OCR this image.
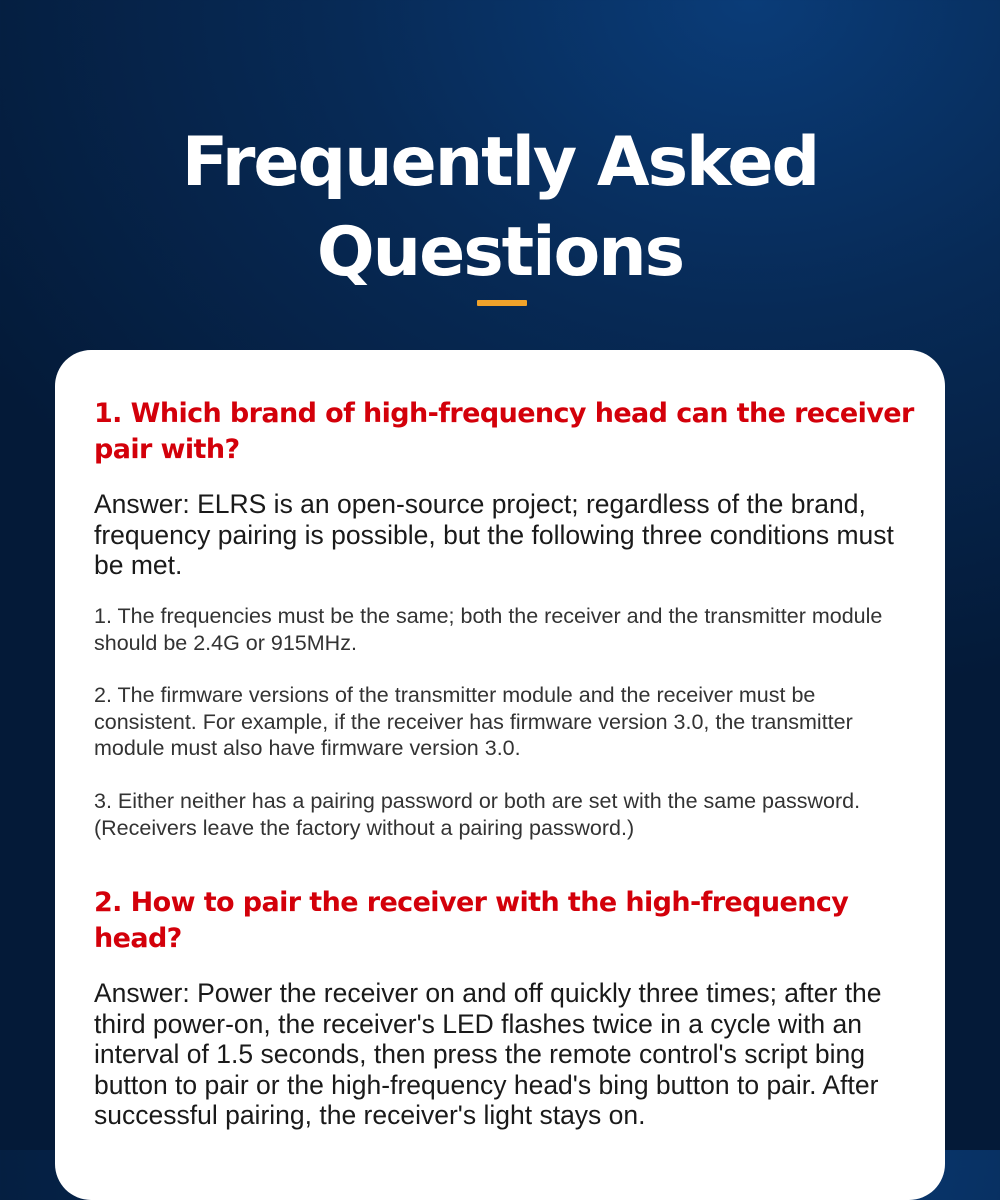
Frequently Asked
Questions
1. Which brand of high-frequency head can the receiver pair with?

Answer: ELRS is an open-source project; regardless of the brand, frequency pairing is possible, but the following three conditions must be met.

1. The frequencies must be the same; both the receiver and the transmitter module should be 2.4G or 915MHz.

2. The firmware versions of the transmitter module and the receiver must be consistent. For example, if the receiver has firmware version 3.0, the transmitter module must also have firmware version 3.0.

3. Either neither has a pairing password or both are set with the same password. (Receivers leave the factory without a pairing password.)

2. How to pair the receiver with the high-frequency head?

Answer: Power the receiver on and off quickly three times; after the third power-on, the receiver's LED flashes twice in a cycle with an interval of 1.5 seconds, then press the remote control's script bing button to pair or the high-frequency head's bing button to pair. After successful pairing, the receiver's light stays on.
